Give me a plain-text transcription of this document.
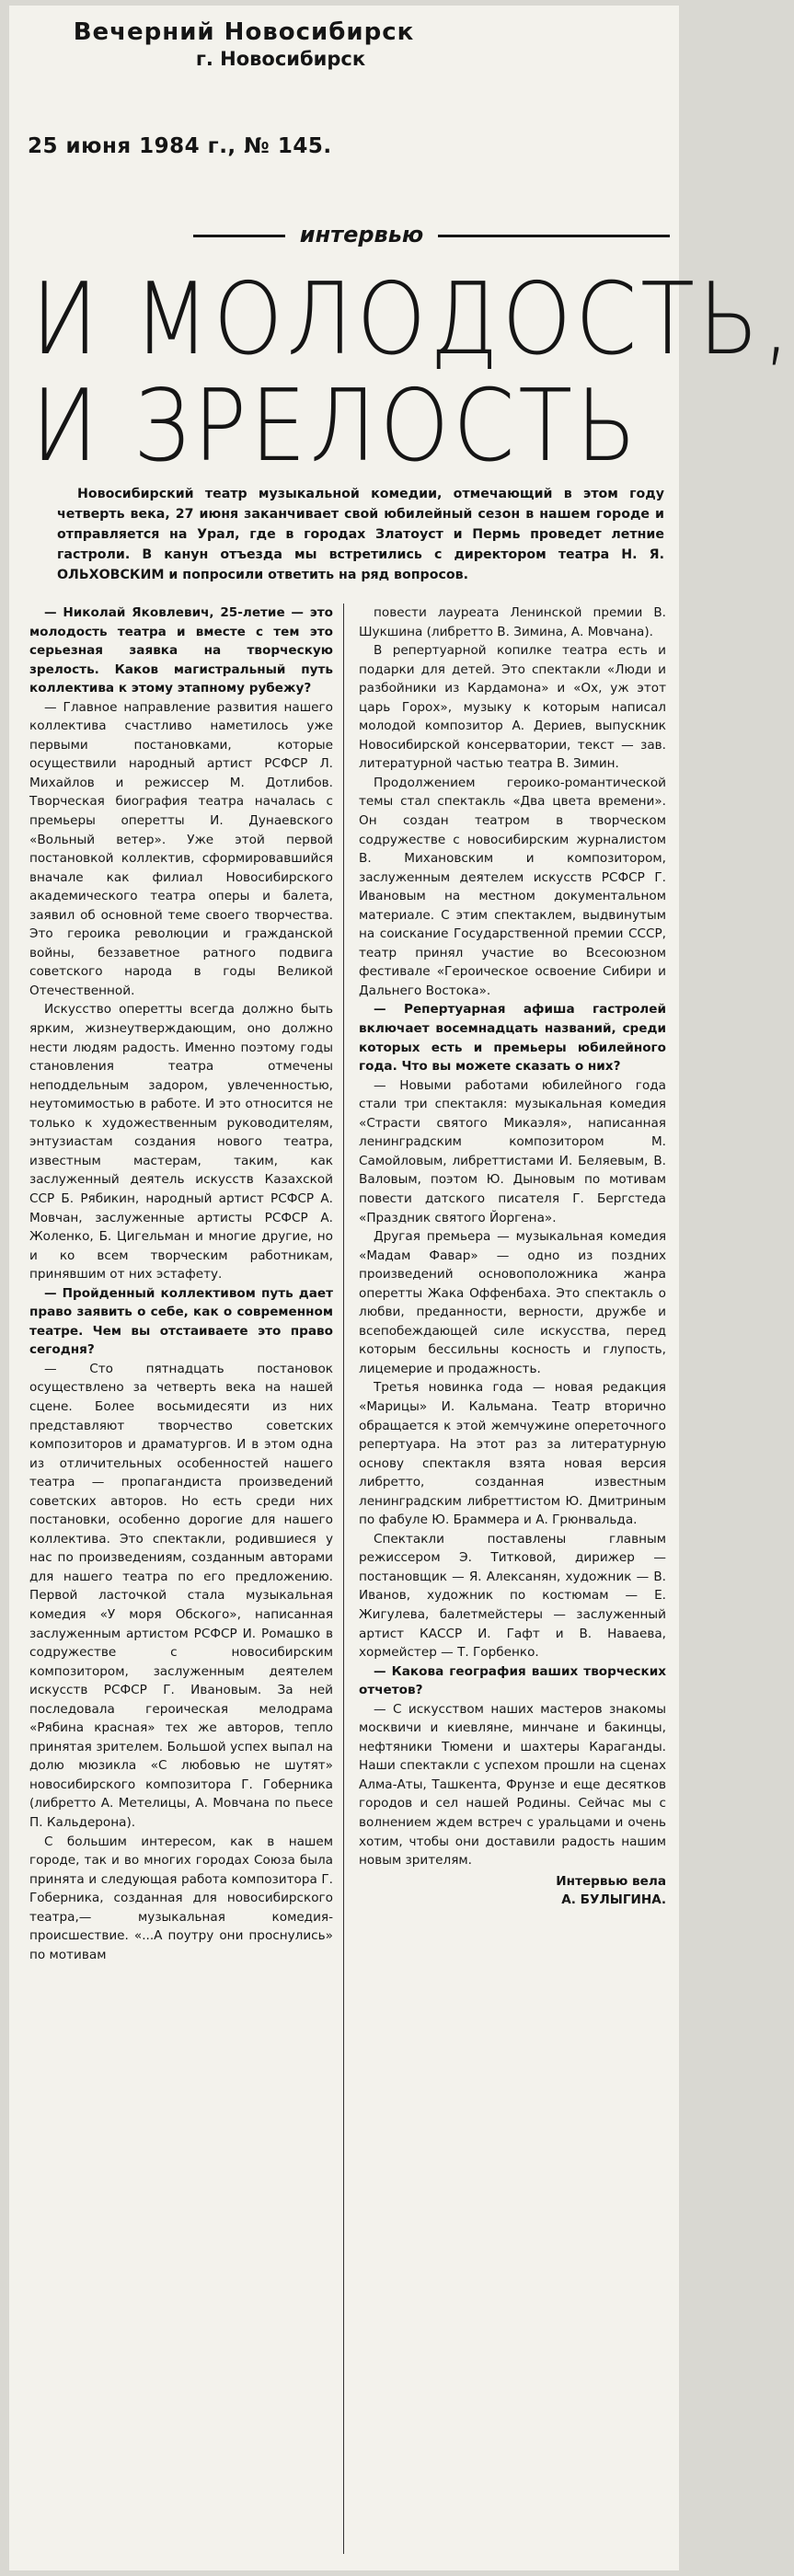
Вечерний Новосибирск
г. Новосибирск
25 июня 1984 г., № 145.
интервью
И МОЛОДОСТЬ,
И ЗРЕЛОСТЬ
Новосибирский театр музыкальной комедии, отмечающий в этом году четверть века, 27 июня заканчивает свой юбилейный сезон в нашем городе и отправляется на Урал, где в городах Златоуст и Пермь проведет летние гастроли. В канун отъезда мы встретились с директором театра Н. Я. ОЛЬХОВСКИМ и попросили ответить на ряд вопросов.

— Николай Яковлевич, 25-летие — это молодость театра и вместе с тем это серьезная заявка на творческую зрелость. Каков магистральный путь коллектива к этому этапному рубежу?

— Главное направление развития нашего коллектива счастливо наметилось уже первыми постановками, которые осуществили народный артист РСФСР Л. Михайлов и режиссер М. Дотлибов. Творческая биография театра началась с премьеры оперетты И. Дунаевского «Вольный ветер». Уже этой первой постановкой коллектив, сформировавшийся вначале как филиал Новосибирского академического театра оперы и балета, заявил об основной теме своего творчества. Это героика революции и гражданской войны, беззаветное ратного подвига советского народа в годы Великой Отечественной.

Искусство оперетты всегда должно быть ярким, жизнеутверждающим, оно должно нести людям радость. Именно поэтому годы становления театра отмечены неподдельным задором, увлеченностью, неутомимостью в работе. И это относится не только к художественным руководителям, энтузиастам создания нового театра, известным мастерам, таким, как заслуженный деятель искусств Казахской ССР Б. Рябикин, народный артист РСФСР А. Мовчан, заслуженные артисты РСФСР А. Жоленко, Б. Цигельман и многие другие, но и ко всем творческим работникам, принявшим от них эстафету.

— Пройденный коллективом путь дает право заявить о себе, как о современном театре. Чем вы отстаиваете это право сегодня?

— Сто пятнадцать постановок осуществлено за четверть века на нашей сцене. Более восьмидесяти из них представляют творчество советских композиторов и драматургов. И в этом одна из отличительных особенностей нашего театра — пропагандиста произведений советских авторов. Но есть среди них постановки, особенно дорогие для нашего коллектива. Это спектакли, родившиеся у нас по произведениям, созданным авторами для нашего театра по его предложению. Первой ласточкой стала музыкальная комедия «У моря Обского», написанная заслуженным артистом РСФСР И. Ромашко в содружестве с новосибирским композитором, заслуженным деятелем искусств РСФСР Г. Ивановым. За ней последовала героическая мелодрама «Рябина красная» тех же авторов, тепло принятая зрителем. Большой успех выпал на долю мюзикла «С любовью не шутят» новосибирского композитора Г. Гоберника (либретто А. Метелицы, А. Мовчана по пьесе П. Кальдерона).

С большим интересом, как в нашем городе, так и во многих городах Союза была принята и следующая работа композитора Г. Гоберника, созданная для новосибирского театра,— музыкальная комедия-происшествие. «...А поутру они проснулись» по мотивам

повести лауреата Ленинской премии В. Шукшина (либретто В. Зимина, А. Мовчана).

В репертуарной копилке театра есть и подарки для детей. Это спектакли «Люди и разбойники из Кардамона» и «Ох, уж этот царь Горох», музыку к которым написал молодой композитор А. Дериев, выпускник Новосибирской консерватории, текст — зав. литературной частью театра В. Зимин.

Продолжением героико-романтической темы стал спектакль «Два цвета времени». Он создан театром в творческом содружестве с новосибирским журналистом В. Михановским и композитором, заслуженным деятелем искусств РСФСР Г. Ивановым на местном документальном материале. С этим спектаклем, выдвинутым на соискание Государственной премии СССР, театр принял участие во Всесоюзном фестивале «Героическое освоение Сибири и Дальнего Востока».

— Репертуарная афиша гастролей включает восемнадцать названий, среди которых есть и премьеры юбилейного года. Что вы можете сказать о них?

— Новыми работами юбилейного года стали три спектакля: музыкальная комедия «Страсти святого Микаэля», написанная ленинградским композитором М. Самойловым, либреттистами И. Беляевым, В. Валовым, поэтом Ю. Дыновым по мотивам повести датского писателя Г. Бергстеда «Праздник святого Йоргена».

Другая премьера — музыкальная комедия «Мадам Фавар» — одно из поздних произведений основоположника жанра оперетты Жака Оффенбаха. Это спектакль о любви, преданности, верности, дружбе и всепобеждающей силе искусства, перед которым бессильны косность и глупость, лицемерие и продажность.

Третья новинка года — новая редакция «Марицы» И. Кальмана. Театр вторично обращается к этой жемчужине опереточного репертуара. На этот раз за литературную основу спектакля взята новая версия либретто, созданная известным ленинградским либреттистом Ю. Дмитриным по фабуле Ю. Браммера и А. Грюнвальда.

Спектакли поставлены главным режиссером Э. Титковой, дирижер — постановщик — Я. Алексанян, художник — В. Иванов, художник по костюмам — Е. Жигулева, балетмейстеры — заслуженный артист КАССР И. Гафт и В. Наваева, хормейстер — Т. Горбенко.

— Какова география ваших творческих отчетов?

— С искусством наших мастеров знакомы москвичи и киевляне, минчане и бакинцы, нефтяники Тюмени и шахтеры Караганды. Наши спектакли с успехом прошли на сценах Алма-Аты, Ташкента, Фрунзе и еще десятков городов и сел нашей Родины. Сейчас мы с волнением ждем встреч с уральцами и очень хотим, чтобы они доставили радость нашим новым зрителям.

Интервью вела
А. БУЛЫГИНА.
